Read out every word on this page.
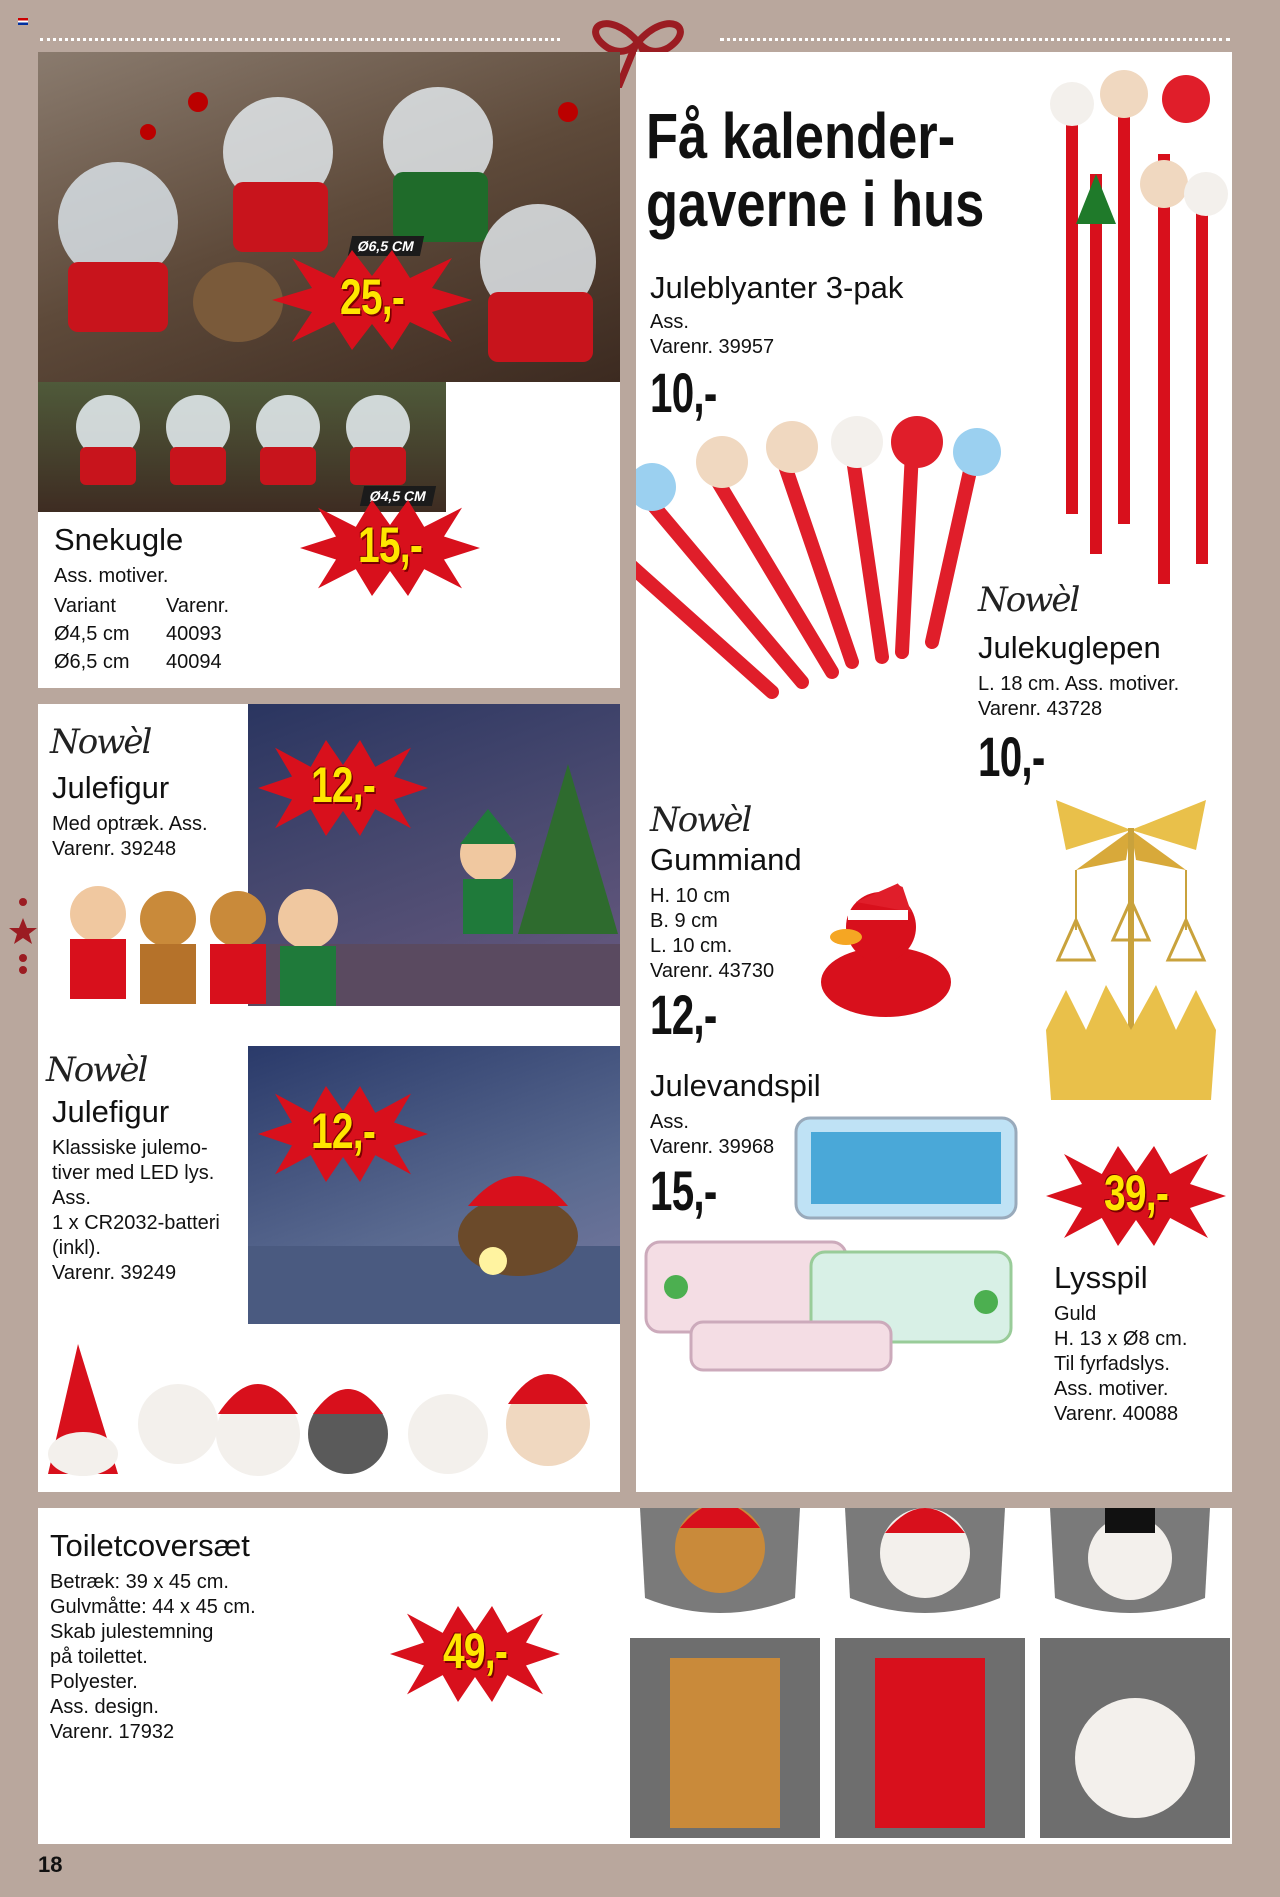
Snekugle
Ass. motiver.
Variant	Varenr.
Ø4,5 cm 40093
Ø6,5 cm 40094
Ø6,5 CM
25,-
Ø4,5 CM
15,-
Få kalender-
gaverne i hus
Juleblyanter 3-pak
Ass.
Varenr. 39957
10,-
Nowèl
Julekuglepen
L. 18 cm. Ass. motiver.
Varenr. 43728
10,-
Nowèl
Gummiand
H. 10 cm
B. 9 cm
L. 10 cm.
Varenr. 43730
12,-
Julevandspil
Ass.
Varenr. 39968
15,-
Lysspil
Guld
H. 13 x Ø8 cm.
Til fyrfadslys.
Ass. motiver.
Varenr. 40088
39,-
Nowèl
Julefigur
Med optræk. Ass.
Varenr. 39248
Nowèl
Julefigur
Klassiske julemo-
tiver med LED lys.
Ass.
1 x CR2032-batteri
(inkl).
Varenr. 39249
12,-
12,-
Toiletcoversæt
Betræk: 39 x 45 cm.
Gulvmåtte: 44 x 45 cm.
Skab julestemning
på toilettet.
Polyester.
Ass. design.
Varenr. 17932
49,-
18
